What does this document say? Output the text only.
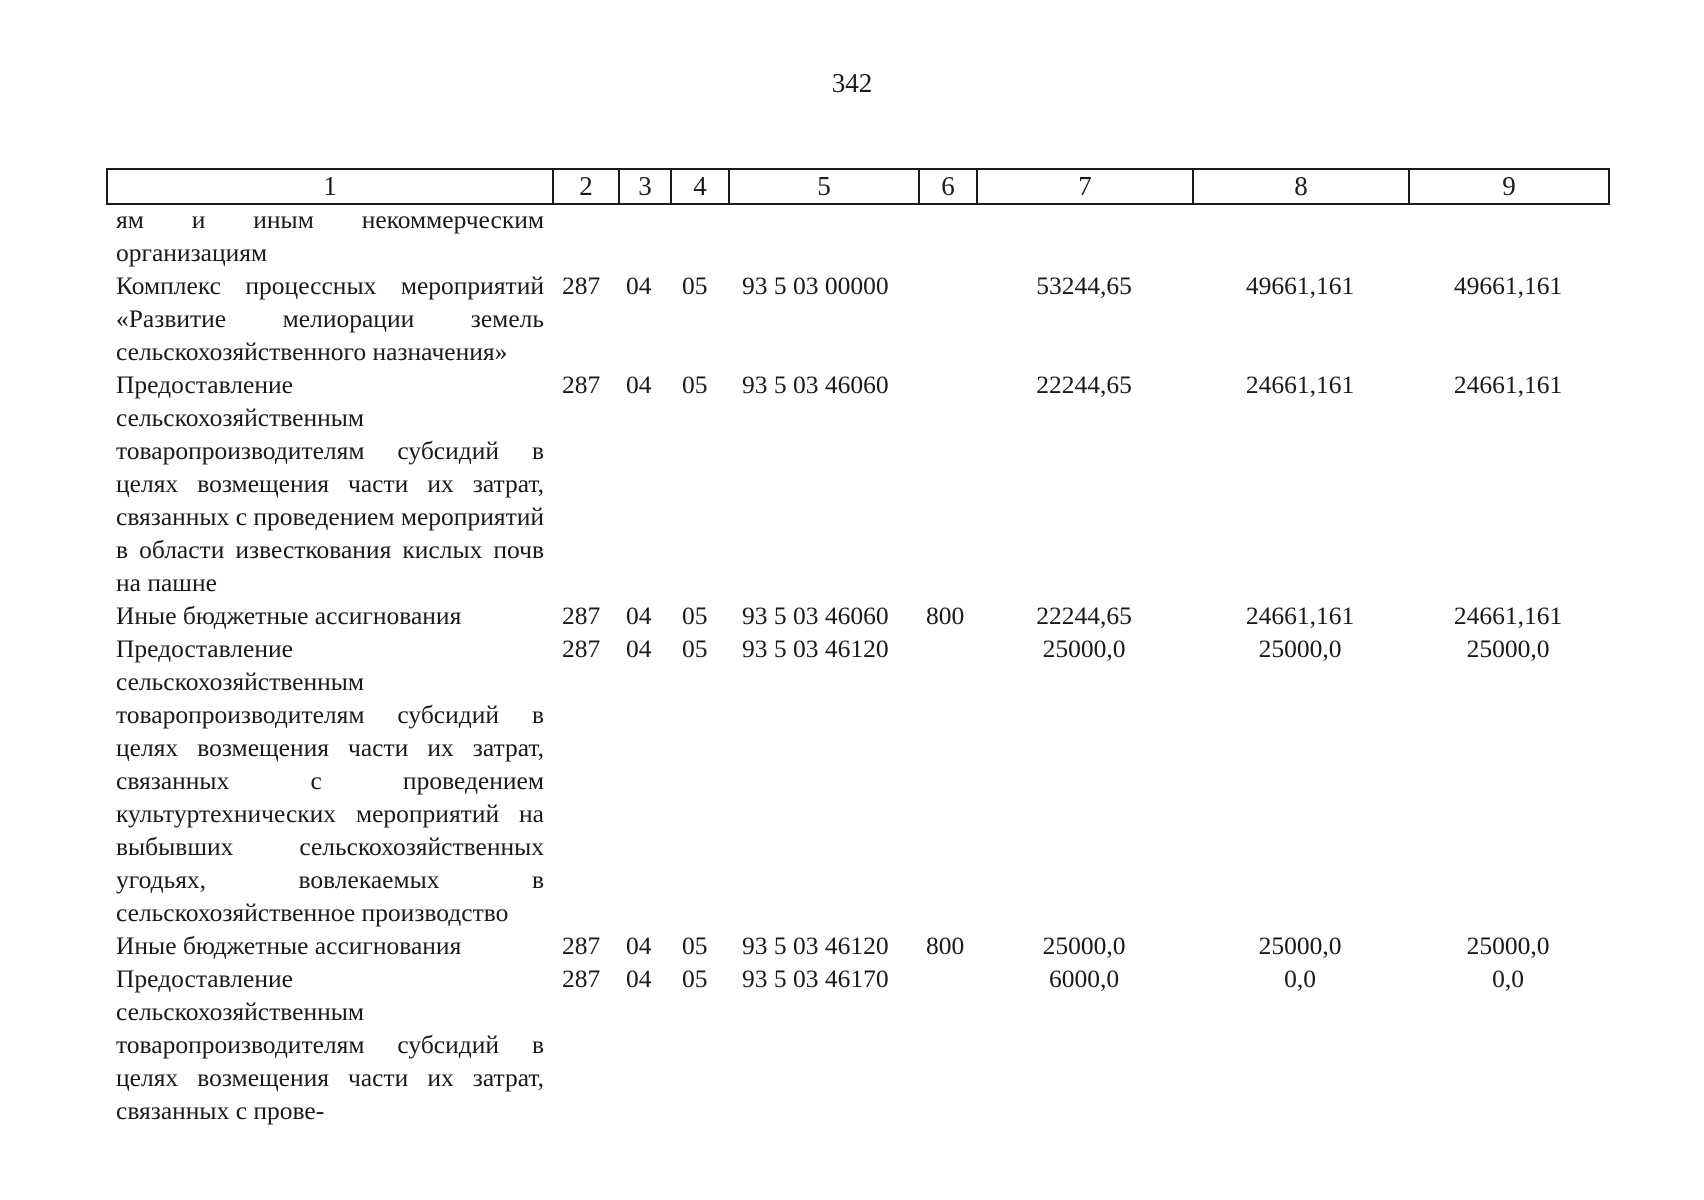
342
1	2	3	4	5	6	7	8	9
ям и иным некоммерческим организациям								
Комплекс процессных мероприятий «Развитие мелиорации земель сельскохозяйственного назначения»	287	04	05	93 5 03 00000		53244,65	49661,161	49661,161
Предоставление сельскохозяйственным товаропроизводителям субсидий в целях возмещения части их затрат, связанных с проведением мероприятий в области известкования кислых почв на пашне	287	04	05	93 5 03 46060		22244,65	24661,161	24661,161
Иные бюджетные ассигнования	287	04	05	93 5 03 46060	800	22244,65	24661,161	24661,161
Предоставление сельскохозяйственным товаропроизводителям субсидий в целях возмещения части их затрат, связанных с проведением культуртехнических мероприятий на выбывших сельскохозяйственных угодьях, вовлекаемых в сельскохозяйственное производство	287	04	05	93 5 03 46120		25000,0	25000,0	25000,0
Иные бюджетные ассигнования	287	04	05	93 5 03 46120	800	25000,0	25000,0	25000,0
Предоставление сельскохозяйственным товаропроизводителям субсидий в целях возмещения части их затрат, связанных с прове-	287	04	05	93 5 03 46170		6000,0	0,0	0,0
